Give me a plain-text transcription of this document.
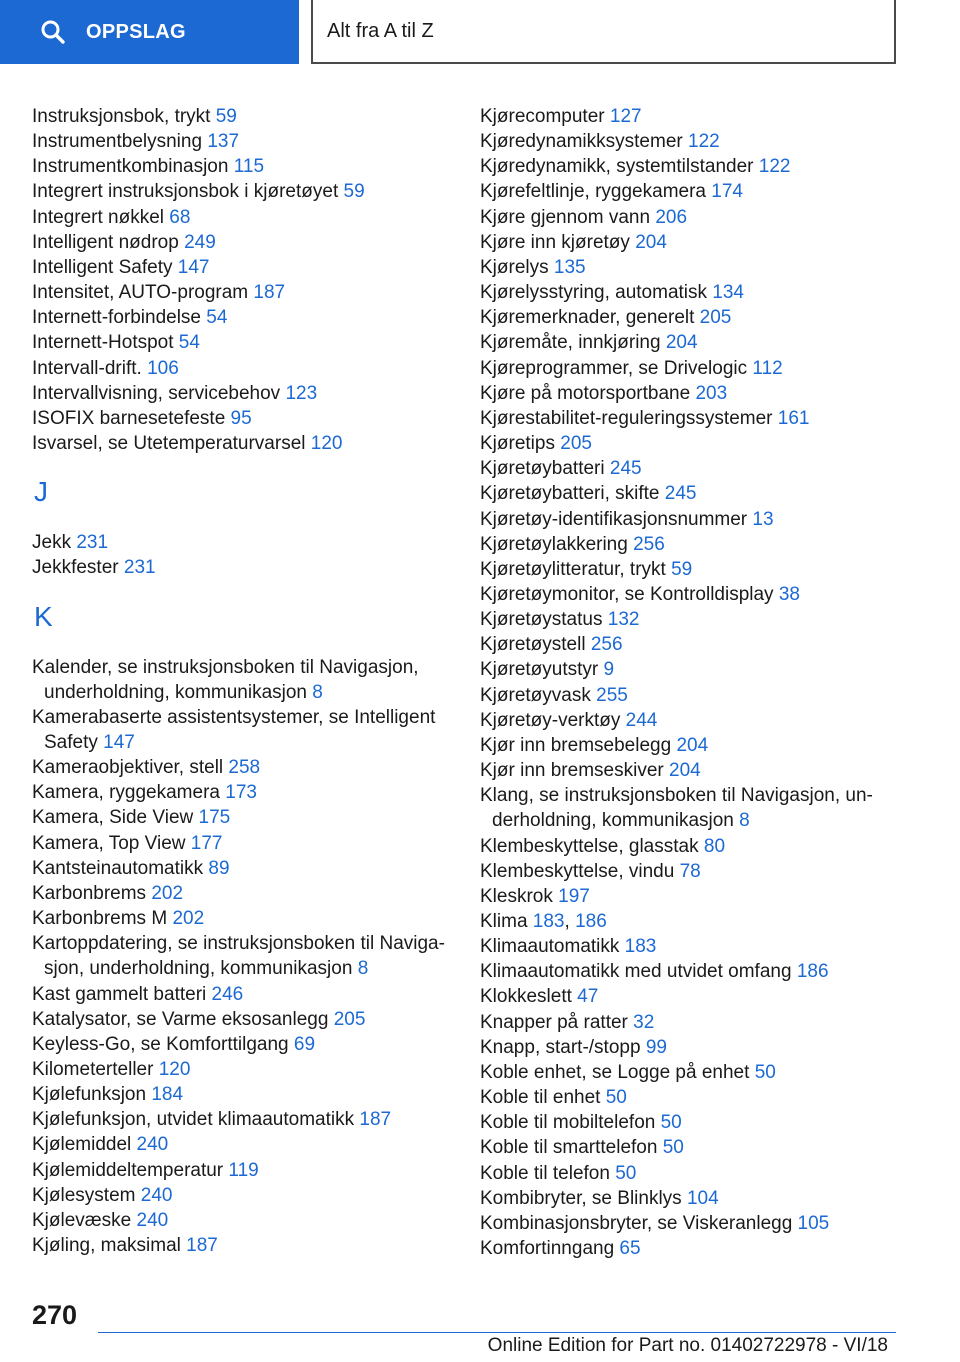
OPPSLAG	Alt fra A til Z
Instruksjonsbok, trykt 59
Instrumentbelysning 137
Instrumentkombinasjon 115
Integrert instruksjonsbok i kjøretøyet 59
Integrert nøkkel 68
Intelligent nødrop 249
Intelligent Safety 147
Intensitet, AUTO-program 187
Internett-forbindelse 54
Internett-Hotspot 54
Intervall-drift. 106
Intervallvisning, servicebehov 123
ISOFIX barnesetefeste 95
Isvarsel, se Utetemperaturvarsel 120
J
Jekk 231
Jekkfester 231
K
Kalender, se instruksjonsboken til Navigasjon, underholdning, kommunikasjon 8
Kamerabaserte assistentsystemer, se Intelligent Safety 147
Kameraobjektiver, stell 258
Kamera, ryggekamera 173
Kamera, Side View 175
Kamera, Top View 177
Kantsteinautomatikk 89
Karbonbrems 202
Karbonbrems M 202
Kartoppdatering, se instruksjonsboken til Naviga‐sjon, underholdning, kommunikasjon 8
Kast gammelt batteri 246
Katalysator, se Varme eksosanlegg 205
Keyless-Go, se Komforttilgang 69
Kilometerteller 120
Kjølefunksjon 184
Kjølefunksjon, utvidet klimaautomatikk 187
Kjølemiddel 240
Kjølemiddeltemperatur 119
Kjølesystem 240
Kjølevæske 240
Kjøling, maksimal 187
Kjørecomputer 127
Kjøredynamikksystemer 122
Kjøredynamikk, systemtilstander 122
Kjørefeltlinje, ryggekamera 174
Kjøre gjennom vann 206
Kjøre inn kjøretøy 204
Kjørelys 135
Kjørelysstyring, automatisk 134
Kjøremerknader, generelt 205
Kjøremåte, innkjøring 204
Kjøreprogrammer, se Drivelogic 112
Kjøre på motorsportbane 203
Kjørestabilitet-reguleringssystemer 161
Kjøretips 205
Kjøretøybatteri 245
Kjøretøybatteri, skifte 245
Kjøretøy-identifikasjonsnummer 13
Kjøretøylakkering 256
Kjøretøylitteratur, trykt 59
Kjøretøymonitor, se Kontrolldisplay 38
Kjøretøystatus 132
Kjøretøystell 256
Kjøretøyutstyr 9
Kjøretøyvask 255
Kjøretøy-verktøy 244
Kjør inn bremsebelegg 204
Kjør inn bremseskiver 204
Klang, se instruksjonsboken til Navigasjon, un‐derholdning, kommunikasjon 8
Klembeskyttelse, glasstak 80
Klembeskyttelse, vindu 78
Kleskrok 197
Klima 183, 186
Klimaautomatikk 183
Klimaautomatikk med utvidet omfang 186
Klokkeslett 47
Knapper på ratter 32
Knapp, start-/stopp 99
Koble enhet, se Logge på enhet 50
Koble til enhet 50
Koble til mobiltelefon 50
Koble til smarttelefon 50
Koble til telefon 50
Kombibryter, se Blinklys 104
Kombinasjonsbryter, se Viskeranlegg 105
Komfortinngang 65
270
Online Edition for Part no. 01402722978 - VI/18
